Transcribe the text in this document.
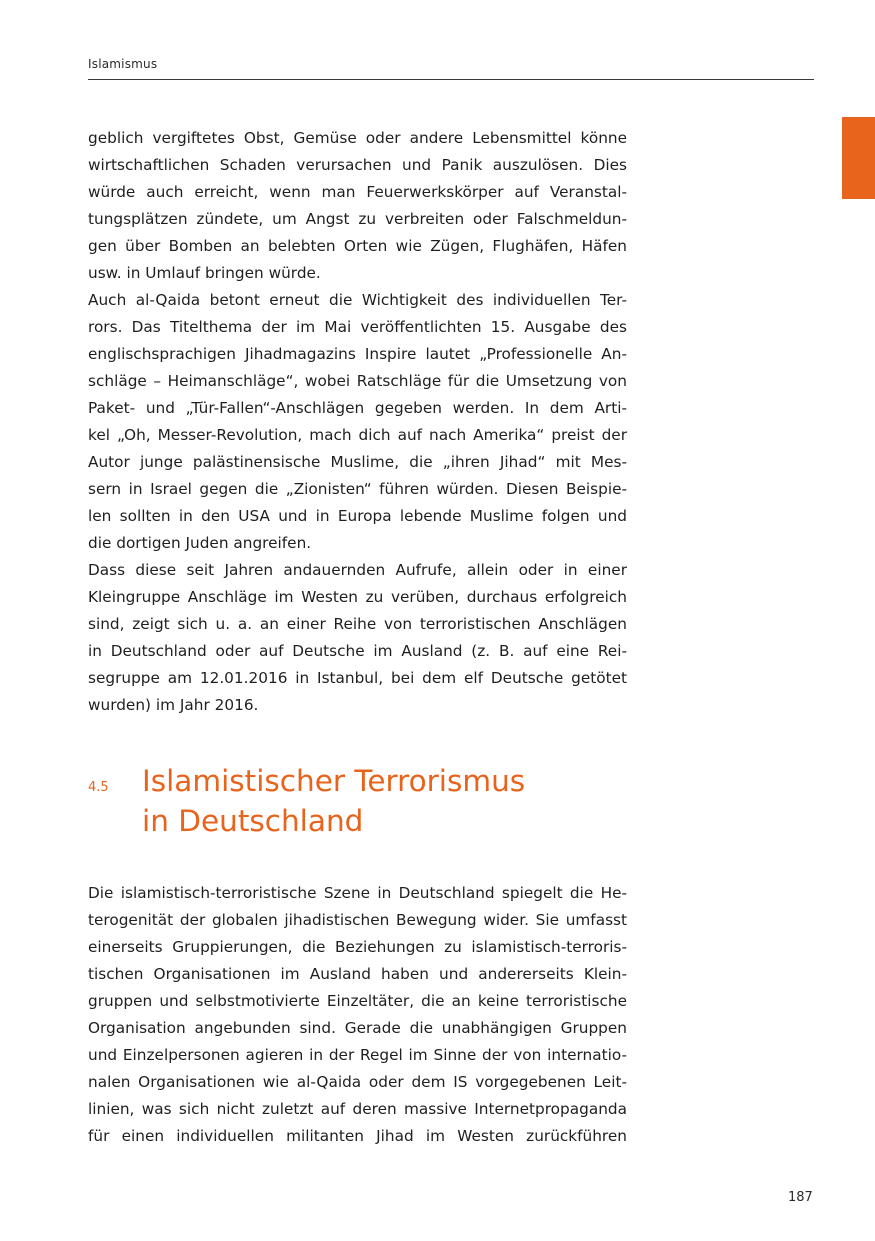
Islamismus

geblich vergiftetes Obst, Gemüse oder andere Lebensmittel könne
wirtschaftlichen Schaden verursachen und Panik auszulösen. Dies
würde auch erreicht, wenn man Feuerwerkskörper auf Veranstal-
tungsplätzen zündete, um Angst zu verbreiten oder Falschmeldun-
gen über Bomben an belebten Orten wie Zügen, Flughäfen, Häfen
usw. in Umlauf bringen würde.

Auch al-Qaida betont erneut die Wichtigkeit des individuellen Ter-
rors. Das Titelthema der im Mai veröffentlichten 15. Ausgabe des
englischsprachigen Jihadmagazins Inspire lautet „Professionelle An-
schläge – Heimanschläge“, wobei Ratschläge für die Umsetzung von
Paket- und „Tür-Fallen“-Anschlägen gegeben werden. In dem Arti-
kel „Oh, Messer-Revolution, mach dich auf nach Amerika“ preist der
Autor junge palästinensische Muslime, die „ihren Jihad“ mit Mes-
sern in Israel gegen die „Zionisten“ führen würden. Diesen Beispie-
len sollten in den USA und in Europa lebende Muslime folgen und
die dortigen Juden angreifen.

Dass diese seit Jahren andauernden Aufrufe, allein oder in einer
Kleingruppe Anschläge im Westen zu verüben, durchaus erfolgreich
sind, zeigt sich u. a. an einer Reihe von terroristischen Anschlägen
in Deutschland oder auf Deutsche im Ausland (z. B. auf eine Rei-
segruppe am 12.01.2016 in Istanbul, bei dem elf Deutsche getötet
wurden) im Jahr 2016.

4.5 Islamistischer Terrorismus
in Deutschland

Die islamistisch-terroristische Szene in Deutschland spiegelt die He-
terogenität der globalen jihadistischen Bewegung wider. Sie umfasst
einerseits Gruppierungen, die Beziehungen zu islamistisch-terroris-
tischen Organisationen im Ausland haben und andererseits Klein-
gruppen und selbstmotivierte Einzeltäter, die an keine terroristische
Organisation angebunden sind. Gerade die unabhängigen Gruppen
und Einzelpersonen agieren in der Regel im Sinne der von internatio-
nalen Organisationen wie al-Qaida oder dem IS vorgegebenen Leit-
linien, was sich nicht zuletzt auf deren massive Internetpropaganda
für einen individuellen militanten Jihad im Westen zurückführen

187
